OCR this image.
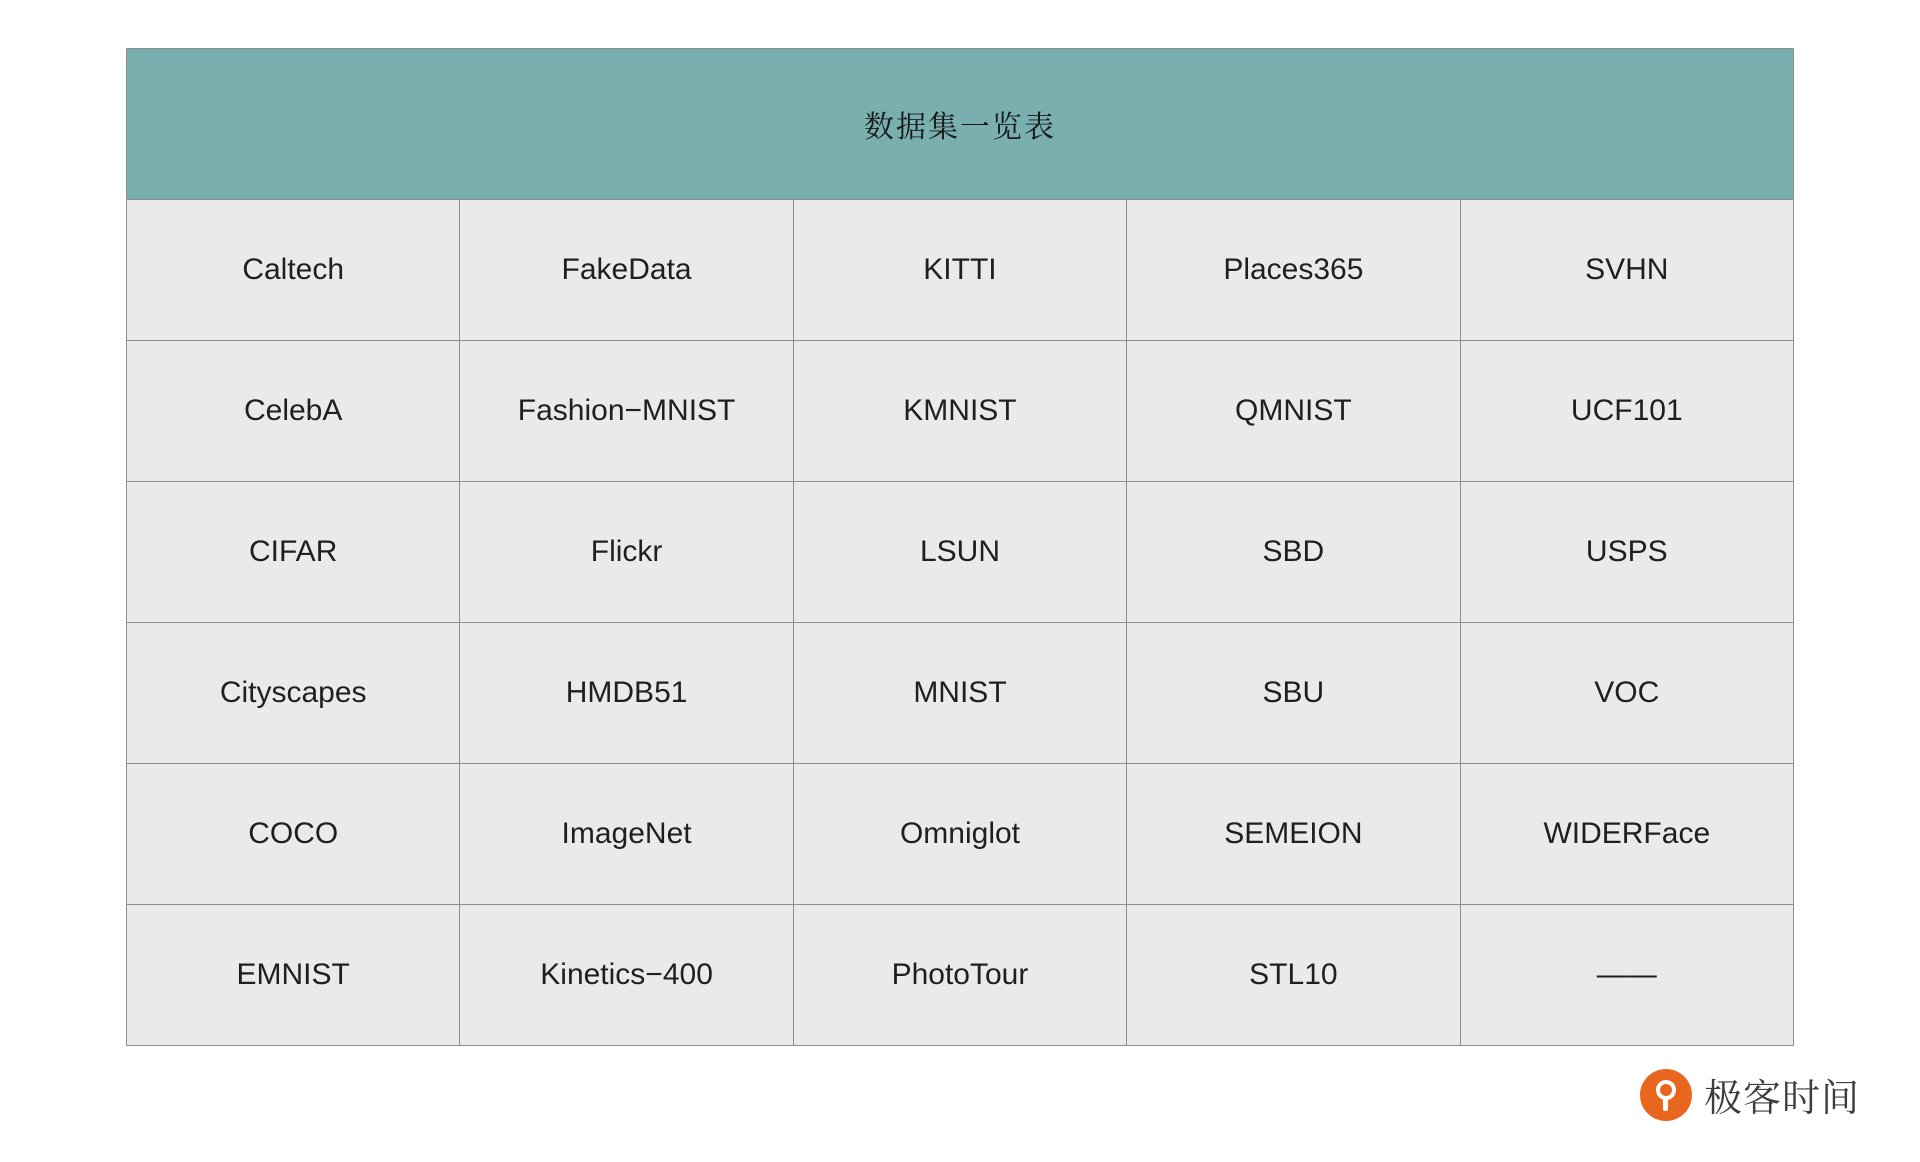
数据集一览表				
Caltech	FakeData	KITTI	Places365	SVHN
CelebA	Fashion−MNIST	KMNIST	QMNIST	UCF101
CIFAR	Flickr	LSUN	SBD	USPS
Cityscapes	HMDB51	MNIST	SBU	VOC
COCO	ImageNet	Omniglot	SEMEION	WIDERFace
EMNIST	Kinetics−400	PhotoTour	STL10	——
极客时间
